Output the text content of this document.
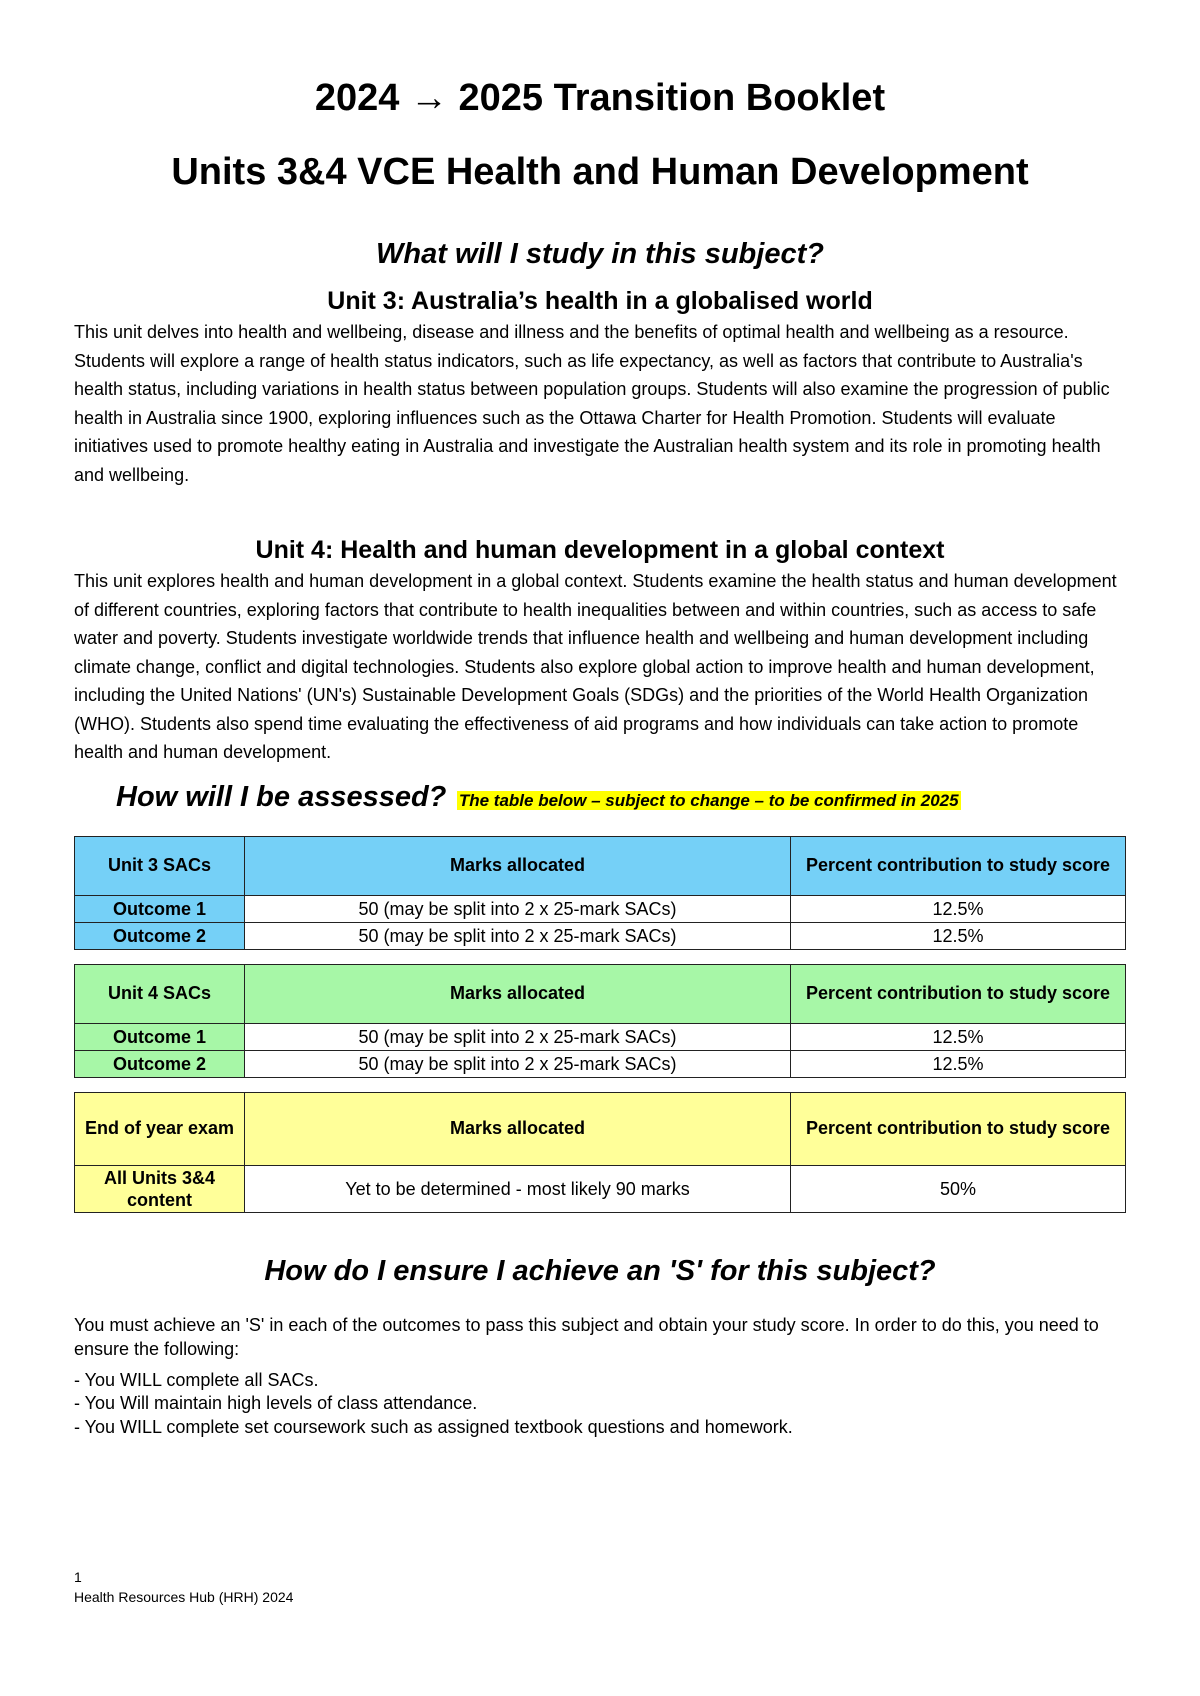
2024 → 2025 Transition Booklet
Units 3&4 VCE Health and Human Development
What will I study in this subject?
Unit 3: Australia’s health in a globalised world

This unit delves into health and wellbeing, disease and illness and the benefits of optimal health and wellbeing as a resource. Students will explore a range of health status indicators, such as life expectancy, as well as factors that contribute to Australia's health status, including variations in health status between population groups. Students will also examine the progression of public health in Australia since 1900, exploring influences such as the Ottawa Charter for Health Promotion. Students will evaluate initiatives used to promote healthy eating in Australia and investigate the Australian health system and its role in promoting health and wellbeing.

Unit 4: Health and human development in a global context

This unit explores health and human development in a global context. Students examine the health status and human development of different countries, exploring factors that contribute to health inequalities between and within countries, such as access to safe water and poverty. Students investigate worldwide trends that influence health and wellbeing and human development including climate change, conflict and digital technologies. Students also explore global action to improve health and human development, including the United Nations' (UN's) Sustainable Development Goals (SDGs) and the priorities of the World Health Organization (WHO). Students also spend time evaluating the effectiveness of aid programs and how individuals can take action to promote health and human development.

How will I be assessed? The table below – subject to change – to be confirmed in 2025
Unit 3 SACs	Marks allocated	Percent contribution to study score
Outcome 1	50 (may be split into 2 x 25-mark SACs)	12.5%
Outcome 2	50 (may be split into 2 x 25-mark SACs)	12.5%
Unit 4 SACs	Marks allocated	Percent contribution to study score
Outcome 1	50 (may be split into 2 x 25-mark SACs)	12.5%
Outcome 2	50 (may be split into 2 x 25-mark SACs)	12.5%
End of year exam	Marks allocated	Percent contribution to study score
All Units 3&4 content	Yet to be determined - most likely 90 marks	50%
How do I ensure I achieve an 'S' for this subject?

You must achieve an 'S' in each of the outcomes to pass this subject and obtain your study score. In order to do this, you need to ensure the following:

- You WILL complete all SACs.
- You Will maintain high levels of class attendance.
- You WILL complete set coursework such as assigned textbook questions and homework.
1
Health Resources Hub (HRH) 2024
